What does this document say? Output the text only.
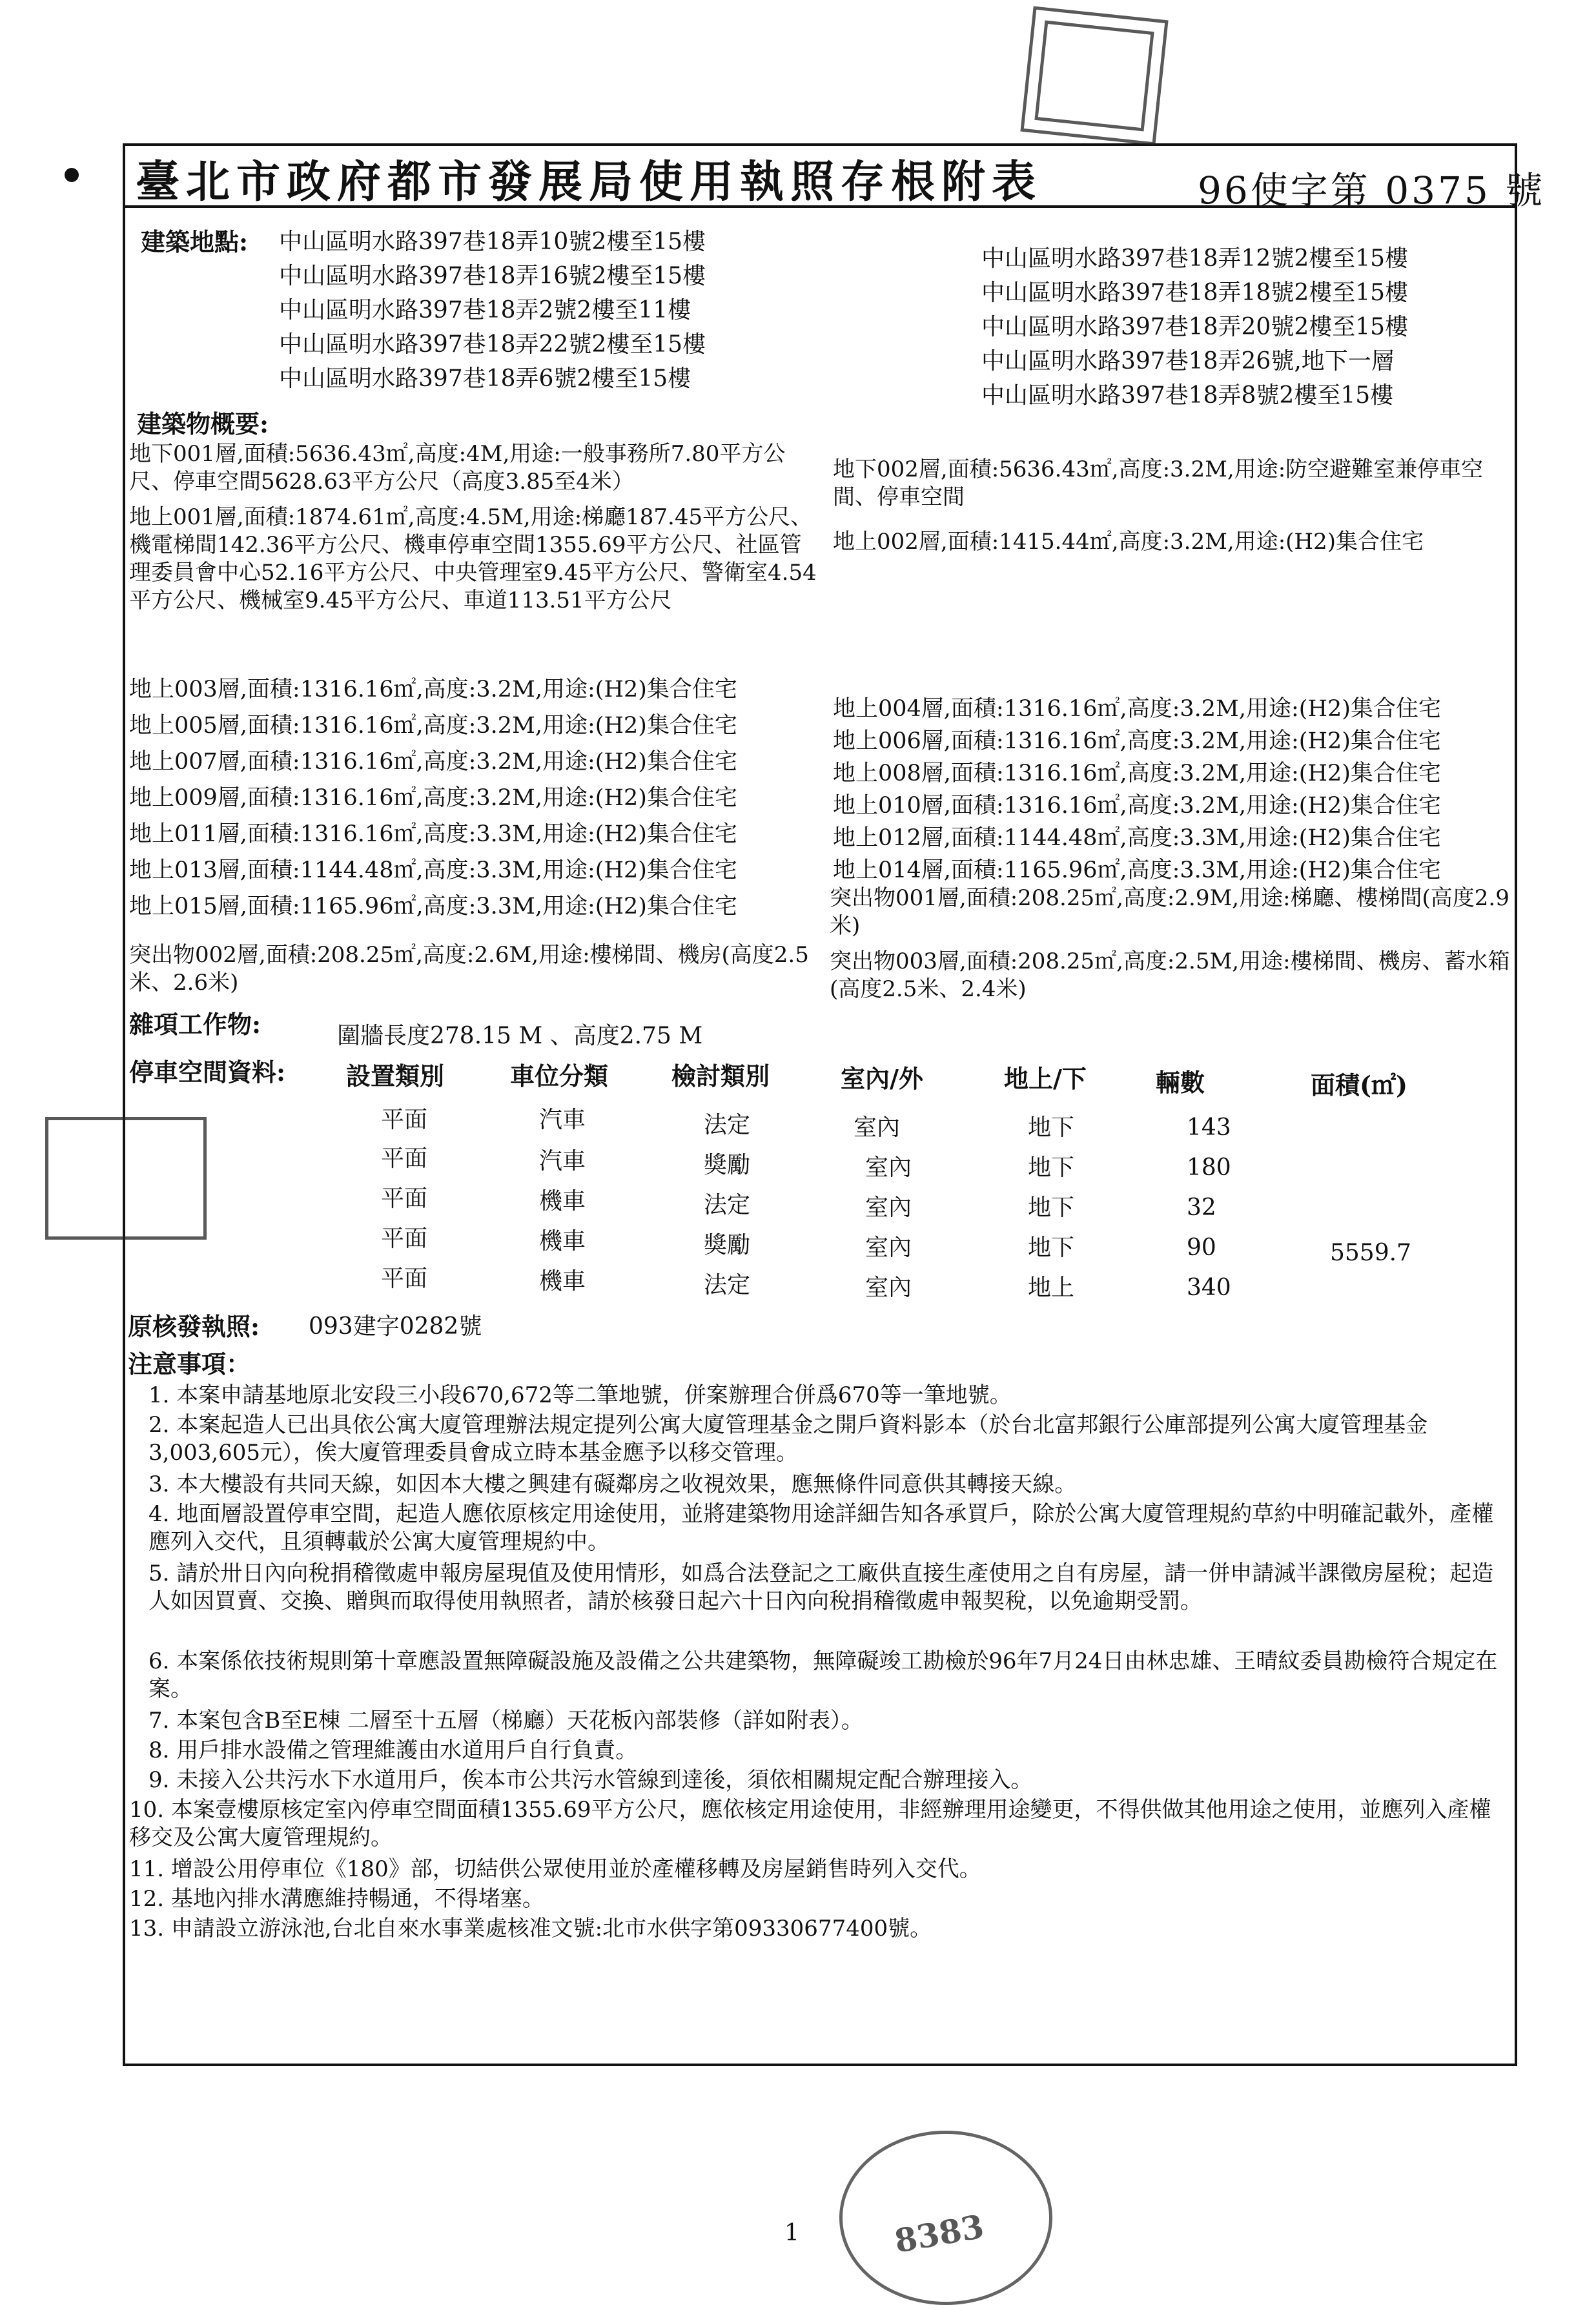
臺北市政府都市發展局使用執照存根附表	96使字第 0375 號
建築地點: 中山區明水路397巷18弄10號2樓至15樓
中山區明水路397巷18弄16號2樓至15樓
中山區明水路397巷18弄2號2樓至11樓
中山區明水路397巷18弄22號2樓至15樓
中山區明水路397巷18弄6號2樓至15樓
中山區明水路397巷18弄12號2樓至15樓
中山區明水路397巷18弄18號2樓至15樓
中山區明水路397巷18弄20號2樓至15樓
中山區明水路397巷18弄26號,地下一層
中山區明水路397巷18弄8號2樓至15樓
建築物概要:
地下001層,面積:5636.43㎡,高度:4M,用途:一般事務所7.80平方公尺、停車空間5628.63平方公尺（高度3.85至4米）	地下002層,面積:5636.43㎡,高度:3.2M,用途:防空避難室兼停車空間、停車空間
地上001層,面積:1874.61㎡,高度:4.5M,用途:梯廳187.45平方公尺、機電梯間142.36平方公尺、機車停車空間1355.69平方公尺、社區管理委員會中心52.16平方公尺、中央管理室9.45平方公尺、警衛室4.54平方公尺、機械室9.45平方公尺、車道113.51平方公尺
地上002層,面積:1415.44㎡,高度:3.2M,用途:(H2)集合住宅
地上003層,面積:1316.16㎡,高度:3.2M,用途:(H2)集合住宅
地上005層,面積:1316.16㎡,高度:3.2M,用途:(H2)集合住宅
地上007層,面積:1316.16㎡,高度:3.2M,用途:(H2)集合住宅
地上009層,面積:1316.16㎡,高度:3.2M,用途:(H2)集合住宅
地上011層,面積:1316.16㎡,高度:3.3M,用途:(H2)集合住宅
地上013層,面積:1144.48㎡,高度:3.3M,用途:(H2)集合住宅
地上015層,面積:1165.96㎡,高度:3.3M,用途:(H2)集合住宅
地上004層,面積:1316.16㎡,高度:3.2M,用途:(H2)集合住宅
地上006層,面積:1316.16㎡,高度:3.2M,用途:(H2)集合住宅
地上008層,面積:1316.16㎡,高度:3.2M,用途:(H2)集合住宅
地上010層,面積:1316.16㎡,高度:3.2M,用途:(H2)集合住宅
地上012層,面積:1144.48㎡,高度:3.3M,用途:(H2)集合住宅
地上014層,面積:1165.96㎡,高度:3.3M,用途:(H2)集合住宅
突出物001層,面積:208.25㎡,高度:2.9M,用途:梯廳、樓梯間(高度2.9米)
突出物002層,面積:208.25㎡,高度:2.6M,用途:樓梯間、機房(高度2.5米、2.6米)
突出物003層,面積:208.25㎡,高度:2.5M,用途:樓梯間、機房、蓄水箱(高度2.5米、2.4米)
雜項工作物:	圍牆長度278.15 M 、高度2.75 M
停車空間資料: 設置類別	車位分類	檢討類別	室內/外	地上/下	輛數	面積(㎡)
平面	汽車	法定	室內	地下	143
平面	汽車	獎勵	室內	地下	180
平面	機車	法定	室內	地下	32
平面	機車	獎勵	室內	地下	90	5559.7
平面	機車	法定	室內	地上	340
原核發執照: 093建字0282號
注意事項：
1. 本案申請基地原北安段三小段670,672等二筆地號，併案辦理合併爲670等一筆地號。
2. 本案起造人已出具依公寓大廈管理辦法規定提列公寓大廈管理基金之開戶資料影本（於台北富邦銀行公庫部提列公寓大廈管理基金3,003,605元），俟大廈管理委員會成立時本基金應予以移交管理。
3. 本大樓設有共同天線，如因本大樓之興建有礙鄰房之收視效果，應無條件同意供其轉接天線。
4. 地面層設置停車空間，起造人應依原核定用途使用，並將建築物用途詳細告知各承買戶，除於公寓大廈管理規約草約中明確記載外，產權應列入交代，且須轉載於公寓大廈管理規約中。
5. 請於卅日內向稅捐稽徵處申報房屋現值及使用情形，如爲合法登記之工廠供直接生產使用之自有房屋，請一併申請減半課徵房屋稅；起造人如因買賣、交換、贈與而取得使用執照者，請於核發日起六十日內向稅捐稽徵處申報契稅，以免逾期受罰。
6. 本案係依技術規則第十章應設置無障礙設施及設備之公共建築物，無障礙竣工勘檢於96年7月24日由林忠雄、王晴紋委員勘檢符合規定在案。
7. 本案包含B至E棟 二層至十五層（梯廳）天花板內部裝修（詳如附表）。
8. 用戶排水設備之管理維護由水道用戶自行負責。
9. 未接入公共污水下水道用戶，俟本市公共污水管線到達後，須依相關規定配合辦理接入。
10. 本案壹樓原核定室內停車空間面積1355.69平方公尺，應依核定用途使用，非經辦理用途變更，不得供做其他用途之使用，並應列入產權移交及公寓大廈管理規約。
11. 增設公用停車位《180》部，切結供公眾使用並於產權移轉及房屋銷售時列入交代。
12. 基地內排水溝應維持暢通，不得堵塞。
13. 申請設立游泳池,台北自來水事業處核准文號:北市水供字第09330677400號。
1	8383
